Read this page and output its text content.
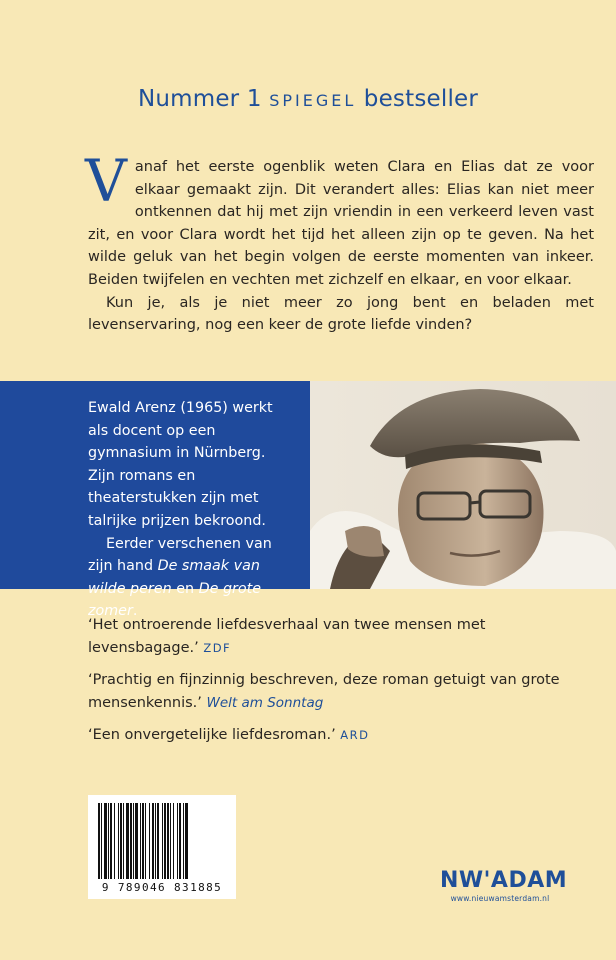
Nummer 1 SPIEGEL bestseller
V anaf het eerste ogenblik weten Clara en Elias dat ze voor elkaar gemaakt zijn. Dit verandert alles: Elias kan niet meer ontkennen dat hij met zijn vriendin in een verkeerd leven vast zit, en voor Clara wordt het tijd het alleen zijn op te geven. Na het wilde geluk van het begin volgen de eerste momenten van inkeer. Beiden twijfelen en vechten met zichzelf en elkaar, en voor elkaar.

Kun je, als je niet meer zo jong bent en beladen met levenservaring, nog een keer de grote liefde vinden?

Ewald Arenz (1965) werkt als docent op een gymnasium in Nürnberg. Zijn romans en theaterstukken zijn met talrijke prijzen bekroond.

Eerder verschenen van zijn hand De smaak van wilde peren en De grote zomer.

‘Het ontroerende liefdesverhaal van twee mensen met levensbagage.’ ZDF

‘Prachtig en fijnzinnig beschreven, deze roman getuigt van grote mensenkennis.’ Welt am Sonntag

‘Een onvergetelijke liefdesroman.’ ARD

9 789046 831885	NW'ADAM
www.nieuwamsterdam.nl
